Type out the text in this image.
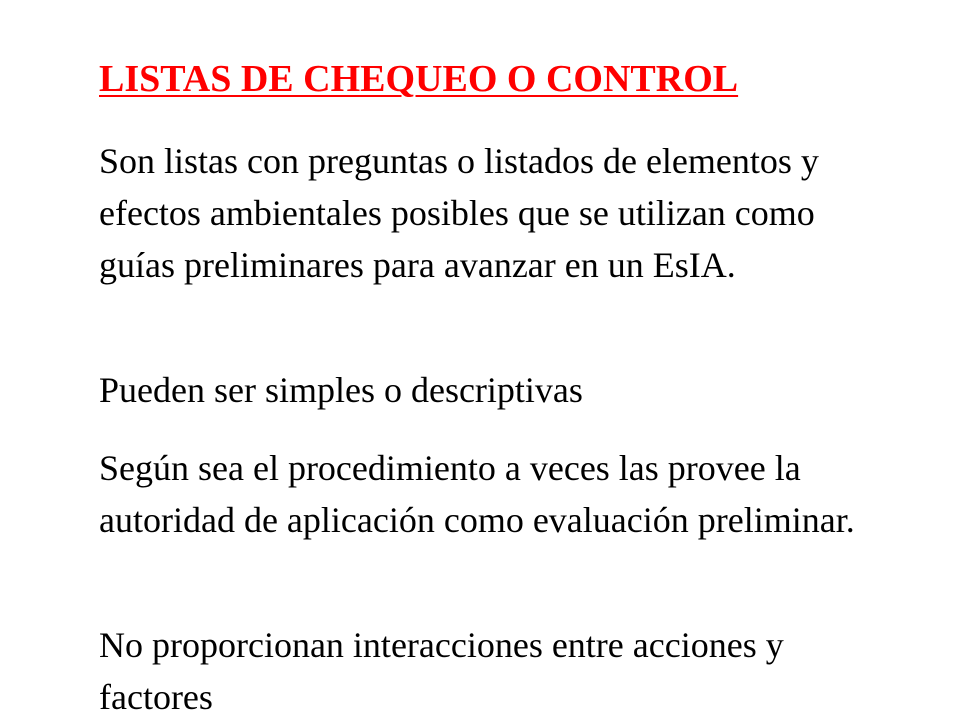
LISTAS DE CHEQUEO O CONTROL

Son listas con preguntas o listados de elementos y efectos ambientales posibles que se utilizan como guías preliminares para avanzar en un EsIA.

Pueden ser simples o descriptivas

Según sea el procedimiento a veces las provee la autoridad de aplicación como evaluación preliminar.

No proporcionan interacciones entre acciones y factores
